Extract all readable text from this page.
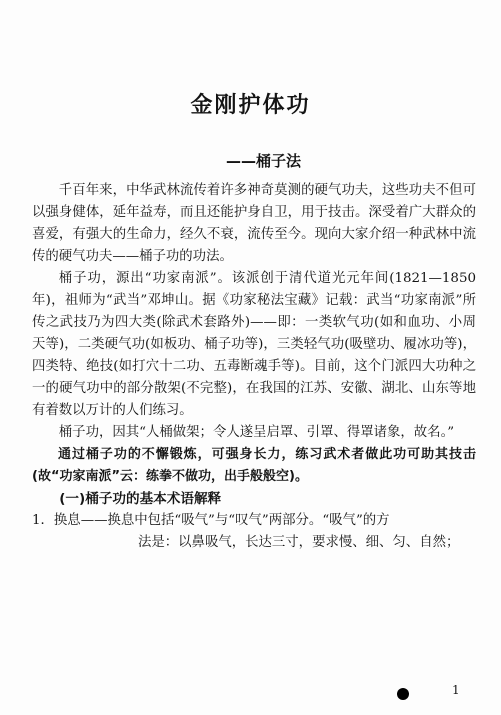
金刚护体功
——桶子法

千百年来，中华武林流传着许多神奇莫测的硬气功夫，这些功夫不但可以强身健体，延年益寿，而且还能护身自卫，用于技击。深受着广大群众的喜爱，有强大的生命力，经久不衰，流传至今。现向大家介绍一种武林中流传的硬气功夫——桶子功的功法。

桶子功，源出“功家南派”。该派创于清代道光元年间(1821—1850年)，祖师为“武当”邓坤山。据《功家秘法宝藏》记载：武当“功家南派”所传之武技乃为四大类(除武术套路外)——即：一类软气功(如和血功、小周天等)，二类硬气功(如板功、桶子功等)，三类轻气功(吸壁功、履冰功等)，四类特、绝技(如打穴十二功、五毒断魂手等)。目前，这个门派四大功种之一的硬气功中的部分散架(不完整)，在我国的江苏、安徽、湖北、山东等地有着数以万计的人们练习。

桶子功，因其“人桶做架；令人遂呈启罩、引罩、得罩诸象，故名。”

通过桶子功的不懈锻炼，可强身长力，练习武术者做此功可助其技击(故“功家南派”云：练拳不做功，出手般般空)。

(一)桶子功的基本术语解释

1．换息——换息中包括“吸气”与“叹气”两部分。“吸气”的方

法是：以鼻吸气，长达三寸，要求慢、细、匀、自然；

1
